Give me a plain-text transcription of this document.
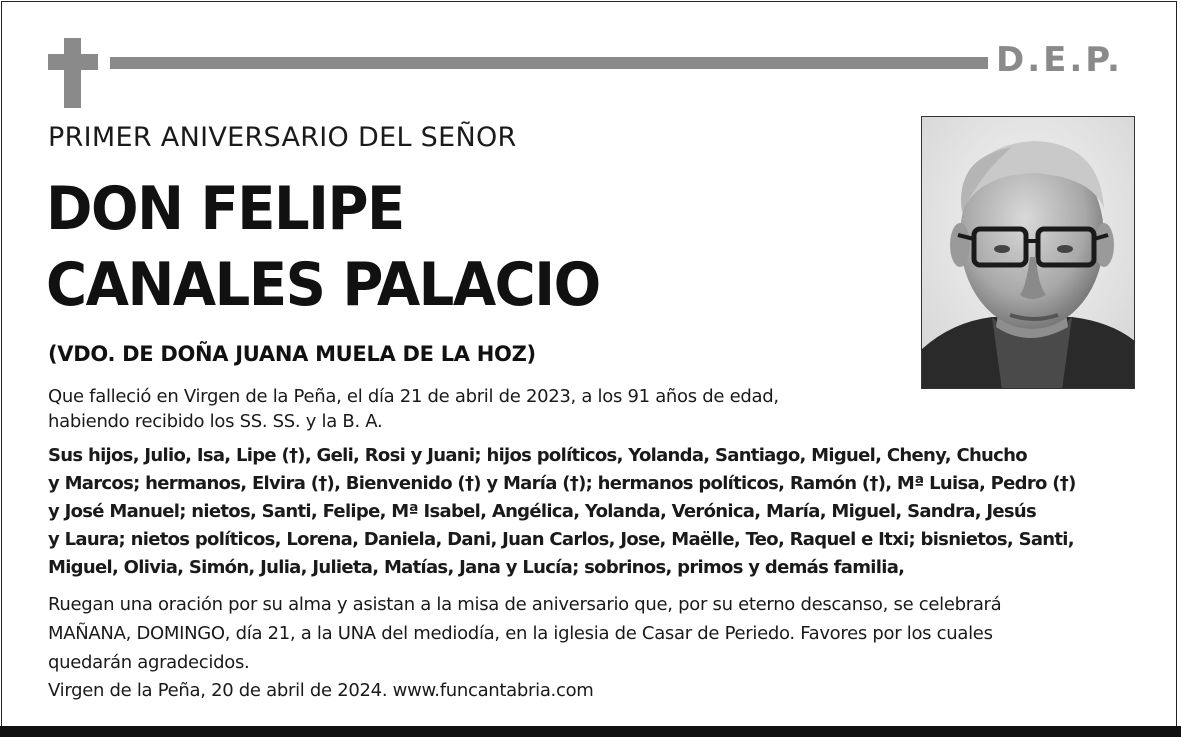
D.E.P.
PRIMER ANIVERSARIO DEL SEÑOR
DON FELIPE
CANALES PALACIO
(VDO. DE DOÑA JUANA MUELA DE LA HOZ)
Que falleció en Virgen de la Peña, el día 21 de abril de 2023, a los 91 años de edad,
habiendo recibido los SS. SS. y la B. A.
Sus hijos, Julio, Isa, Lipe (†), Geli, Rosi y Juani; hijos políticos, Yolanda, Santiago, Miguel, Cheny, Chucho
y Marcos; hermanos, Elvira (†), Bienvenido (†) y María (†); hermanos políticos, Ramón (†), Mª Luisa, Pedro (†)
y José Manuel; nietos, Santi, Felipe, Mª Isabel, Angélica, Yolanda, Verónica, María, Miguel, Sandra, Jesús
y Laura; nietos políticos, Lorena, Daniela, Dani, Juan Carlos, Jose, Maëlle, Teo, Raquel e Itxi; bisnietos, Santi,
Miguel, Olivia, Simón, Julia, Julieta, Matías, Jana y Lucía; sobrinos, primos y demás familia,
Ruegan una oración por su alma y asistan a la misa de aniversario que, por su eterno descanso, se celebrará
MAÑANA, DOMINGO, día 21, a la UNA del mediodía, en la iglesia de Casar de Periedo. Favores por los cuales
quedarán agradecidos.
Virgen de la Peña, 20 de abril de 2024. www.funcantabria.com
